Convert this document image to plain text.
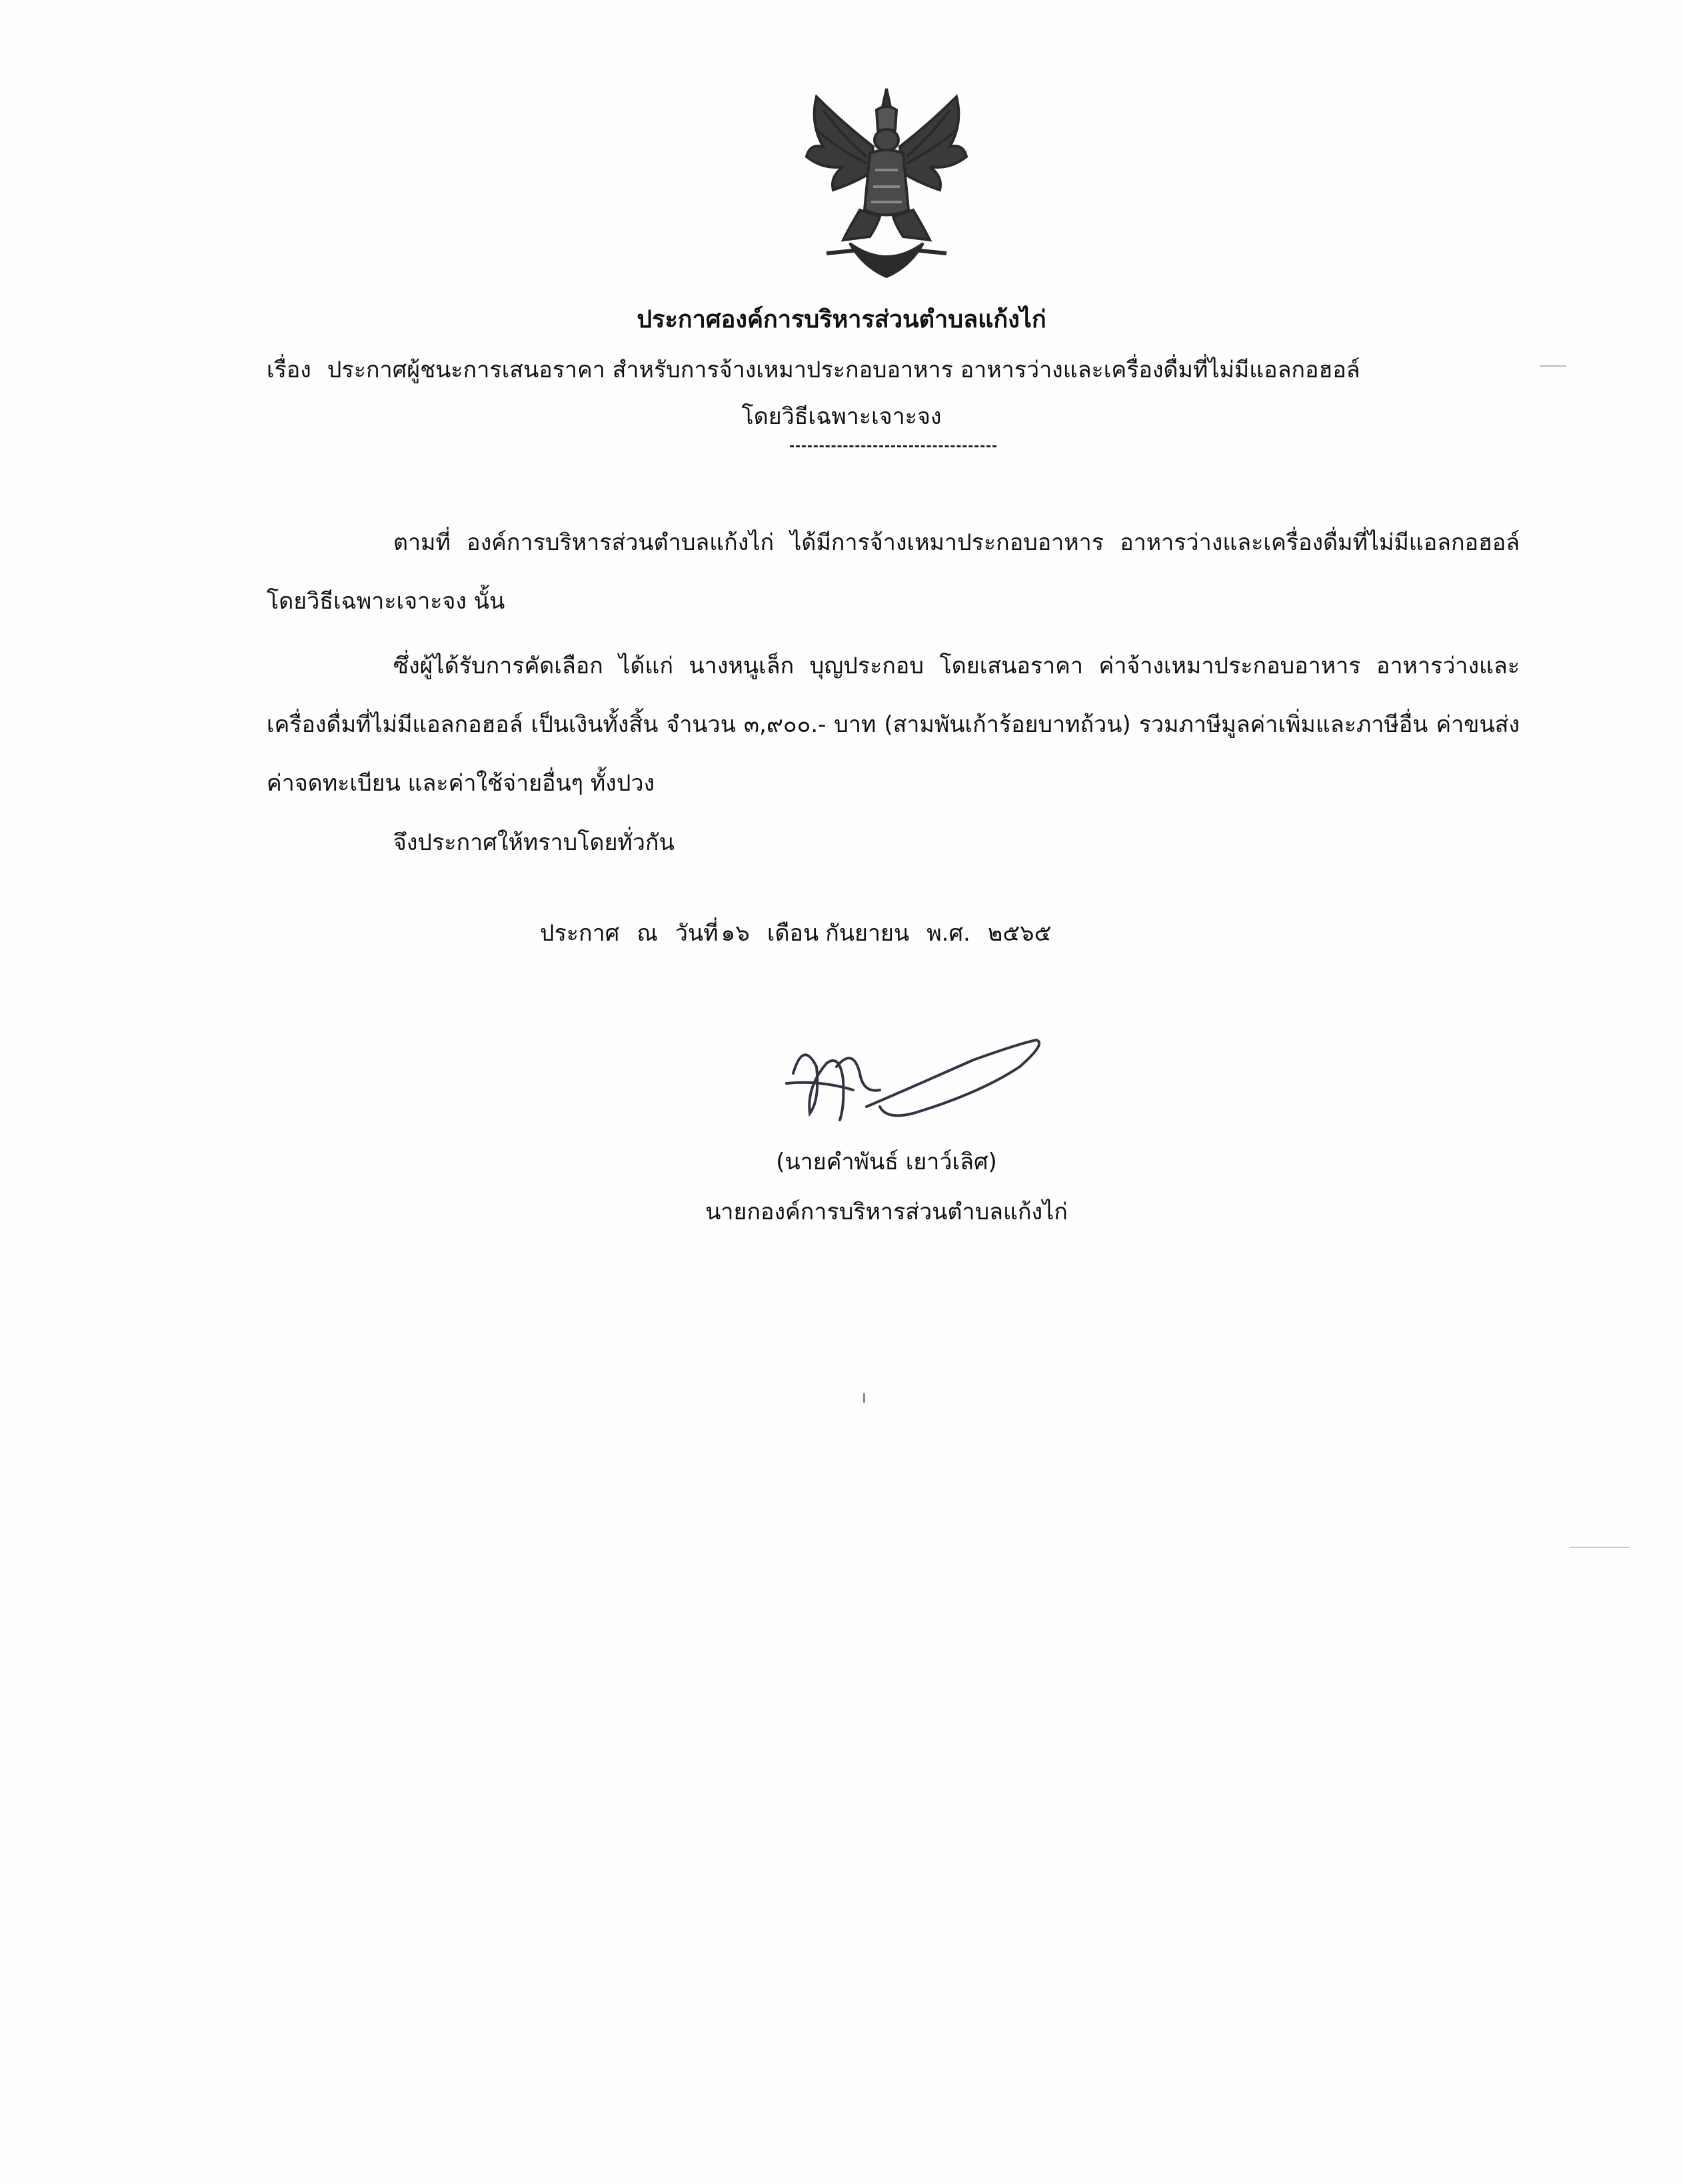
ประกาศองค์การบริหารส่วนตำบลแก้งไก่
เรื่อง ประกาศผู้ชนะการเสนอราคา สำหรับการจ้างเหมาประกอบอาหาร อาหารว่างและเครื่องดื่มที่ไม่มีแอลกอฮอล์
โดยวิธีเฉพาะเจาะจง
ตามที่ องค์การบริหารส่วนตำบลแก้งไก่ ได้มีการจ้างเหมาประกอบอาหาร อาหารว่างและเครื่องดื่มที่ไม่มีแอลกอฮอล์ โดยวิธีเฉพาะเจาะจง นั้น
ซึ่งผู้ได้รับการคัดเลือก ได้แก่ นางหนูเล็ก บุญประกอบ โดยเสนอราคา ค่าจ้างเหมาประกอบอาหาร อาหารว่างและเครื่องดื่มที่ไม่มีแอลกอฮอล์ เป็นเงินทั้งสิ้น จำนวน ๓,๙๐๐.- บาท (สามพันเก้าร้อยบาทถ้วน) รวมภาษีมูลค่าเพิ่มและภาษีอื่น ค่าขนส่ง ค่าจดทะเบียน และค่าใช้จ่ายอื่นๆ ทั้งปวง
จึงประกาศให้ทราบโดยทั่วกัน
ประกาศ ณ วันที่ ๑๖ เดือน กันยายน พ.ศ. ๒๕๖๕
(นายคำพันธ์ เยาว์เลิศ)
นายกองค์การบริหารส่วนตำบลแก้งไก่
